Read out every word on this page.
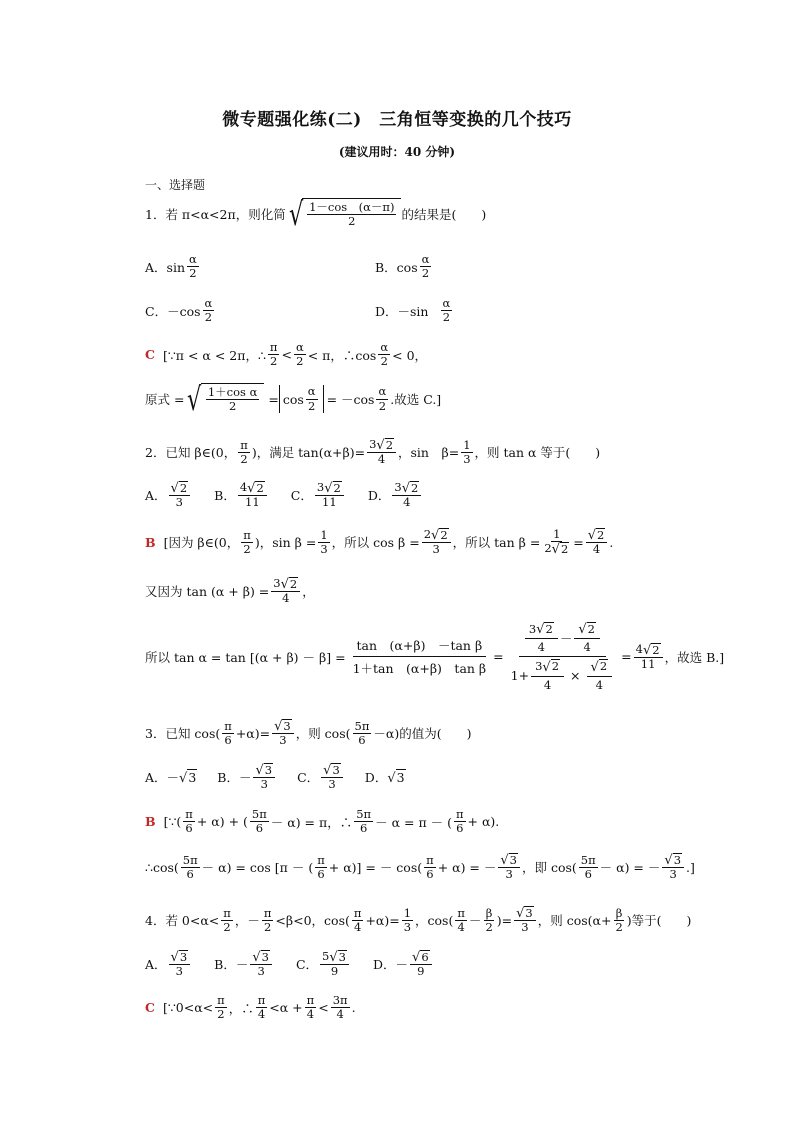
微专题强化练(二)　三角恒等变换的几个技巧
(建议用时：40 分钟)
一、选择题
1．若 π<α<2π，则化简 √ $\frac{1-\cos (\alpha-\pi)}{2}$ 的结果是(　　)
A．$\sin \frac{\alpha}{2}$	B．$\cos \frac{\alpha}{2}$
C．$-\cos \frac{\alpha}{2}$	D．$-\sin \frac{\alpha}{2}$
C [∵π < α < 2π，∴ $\frac{\pi}{2} < \frac{\alpha}{2} < \pi$，∴cos $\frac{\alpha}{2} < 0$，
原式 = √ $\frac{\text{1＋cos α}}{2} = \cos \frac{\alpha}{2} = -\cos \frac{\alpha}{2}$ .故选 C.]
2．已知 β∈(0， $\frac{\pi}{2}$ )，满足 $\tan(\alpha+\beta)= \frac{3 √ 2}{4}$ ，sin　$\beta= \frac{1}{3}$ ，则 tan α 等于(　　)
A． $\frac{√ 2}{3}$ B． $\frac{4 √ 2}{11}$ C． $\frac{3 √ 2}{11}$ D． $\frac{3 √ 2}{4}$
B [因为 β∈(0， $\frac{\pi}{2}$ )，$\sin \beta = \frac{1}{3}$ ，所以 $\cos \beta = \frac{2 √ 2}{3}$ ，所以 $\tan \beta = \frac{1}{2 √ 2} = \frac{√ 2}{4}$ .
又因为 $\tan (\alpha + \beta) = \frac{3 √ 2}{4}$ ，
所以 $\tan \alpha = \tan [(\alpha + \beta) - \beta] = \frac{\text{tan　(α+β)　－tan β}}{\text{1＋tan　(α+β)　tan β}} = \frac{\frac{3 √ 2}{4} - \frac{√ 2}{4}}{1+ \frac{3 √ 2}{4} \times \frac{√ 2}{4}} = \frac{4 √ 2}{11}$ ，故选 B.]
3．已知 $\cos( \frac{\pi}{6} +\alpha)= \frac{√ 3}{3}$ ，则 $\cos( \frac{5\pi}{6} -\alpha)$的值为(　　)
A．－ √ 3 B．－ $\frac{√ 3}{3}$ C． $\frac{√ 3}{3}$ D． √ 3
B [∵( $\frac{\pi}{6} + \alpha$) + ( $\frac{5\pi}{6} - \alpha) = \pi$，∴ $\frac{5\pi}{6} - \alpha = \pi$ － ( $\frac{\pi}{6} + \alpha$).
∴cos( $\frac{5\pi}{6} - \alpha) = \cos [\pi$ － ( $\frac{\pi}{6} + \alpha$)] = － $\cos( \frac{\pi}{6} + \alpha)$ = － $\frac{√ 3}{3}$ ，即 $\cos( \frac{5\pi}{6} - \alpha)$ = － $\frac{√ 3}{3}$ .]
4．若 $0<\alpha< \frac{\pi}{2}$ ，－ $\frac{\pi}{2} <\beta<0$，$\cos( \frac{\pi}{4} +\alpha)= \frac{1}{3}$ ，$\cos( \frac{\pi}{4} - \frac{\beta}{2}$ )= $\frac{√ 3}{3}$ ，则 $\cos(\alpha+ \frac{\beta}{2}$ )等于(　　)
A． $\frac{√ 3}{3}$ B．－ $\frac{√ 3}{3}$ C． $\frac{5 √ 3}{9}$ D．－ $\frac{√ 6}{9}$
C [∵0<α< $\frac{\pi}{2}$ ，∴ $\frac{\pi}{4} <\alpha + \frac{\pi}{4} < \frac{3\pi}{4}$ .
